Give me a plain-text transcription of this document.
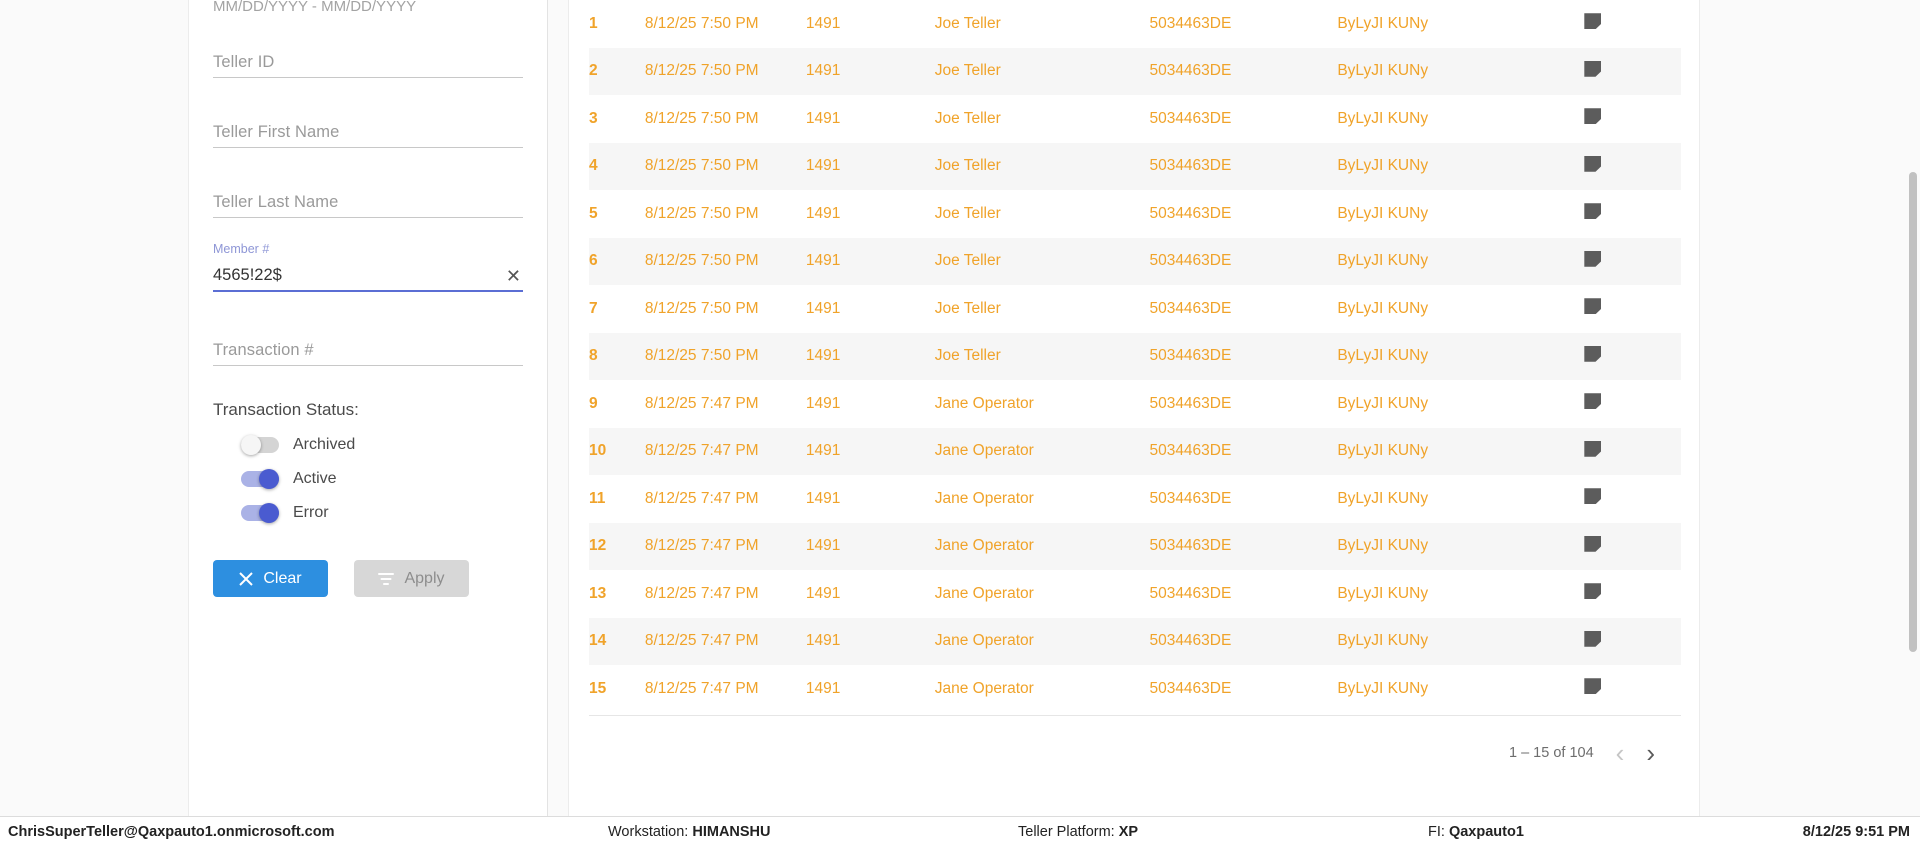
MM/DD/YYYY - MM/DD/YYYY
Teller ID
Teller First Name
Teller Last Name
Member #
4565!22$	✕
Transaction #
Transaction Status:
Archived
Active
Error
Clear	Apply
1	8/12/25 7:50 PM	1491	Joe Teller	5034463DE	ByLyJI KUNy	

2	8/12/25 7:50 PM	1491	Joe Teller	5034463DE	ByLyJI KUNy	

3	8/12/25 7:50 PM	1491	Joe Teller	5034463DE	ByLyJI KUNy	

4	8/12/25 7:50 PM	1491	Joe Teller	5034463DE	ByLyJI KUNy	

5	8/12/25 7:50 PM	1491	Joe Teller	5034463DE	ByLyJI KUNy	

6	8/12/25 7:50 PM	1491	Joe Teller	5034463DE	ByLyJI KUNy	

7	8/12/25 7:50 PM	1491	Joe Teller	5034463DE	ByLyJI KUNy	

8	8/12/25 7:50 PM	1491	Joe Teller	5034463DE	ByLyJI KUNy	

9	8/12/25 7:47 PM	1491	Jane Operator	5034463DE	ByLyJI KUNy	

10	8/12/25 7:47 PM	1491	Jane Operator	5034463DE	ByLyJI KUNy	

11	8/12/25 7:47 PM	1491	Jane Operator	5034463DE	ByLyJI KUNy	

12	8/12/25 7:47 PM	1491	Jane Operator	5034463DE	ByLyJI KUNy	

13	8/12/25 7:47 PM	1491	Jane Operator	5034463DE	ByLyJI KUNy	

14	8/12/25 7:47 PM	1491	Jane Operator	5034463DE	ByLyJI KUNy	

15	8/12/25 7:47 PM	1491	Jane Operator	5034463DE	ByLyJI KUNy	
1 – 15 of 104 ‹ ›
ChrisSuperTeller@Qaxpauto1.onmicrosoft.com	Workstation: HIMANSHU	Teller Platform: XP	FI: Qaxpauto1	8/12/25 9:51 PM
